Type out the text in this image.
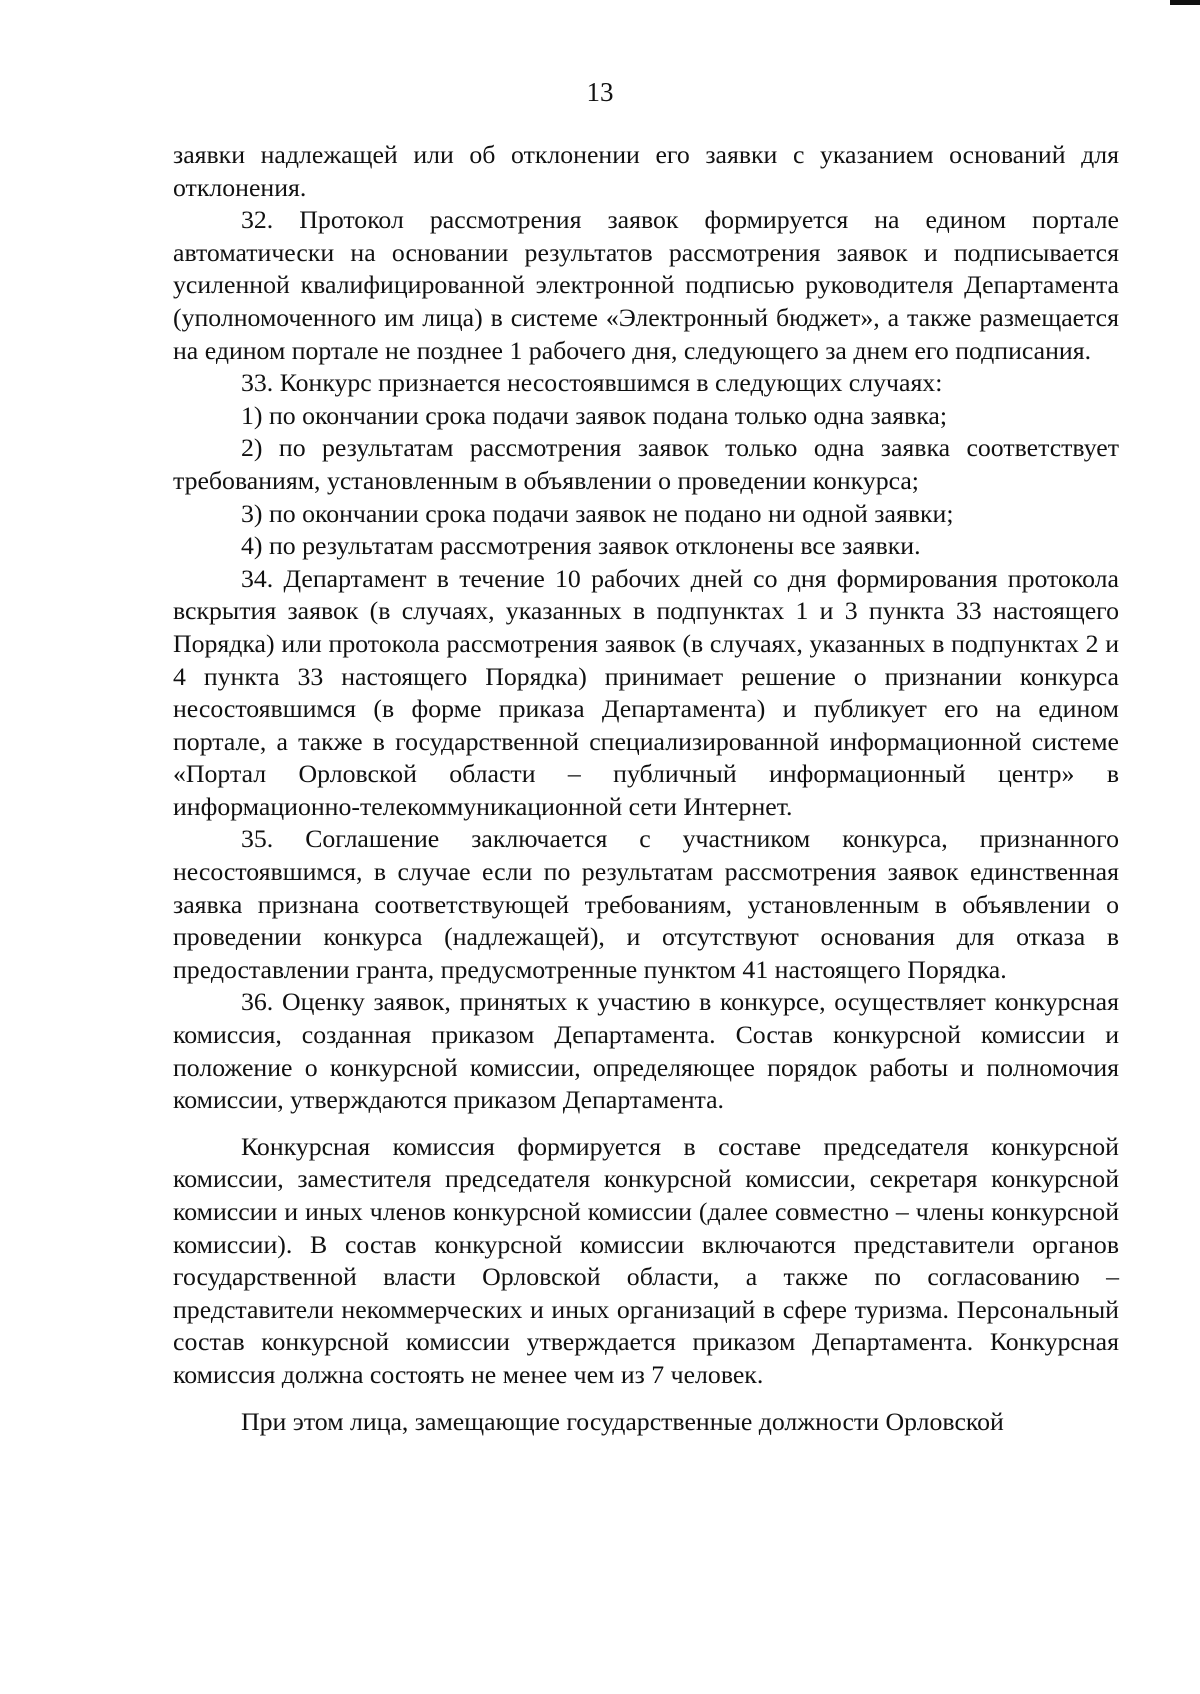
13

заявки надлежащей или об отклонении его заявки с указанием оснований для отклонения.

32. Протокол рассмотрения заявок формируется на едином портале автоматически на основании результатов рассмотрения заявок и подписывается усиленной квалифицированной электронной подписью руководителя Департамента (уполномоченного им лица) в системе «Электронный бюджет», а также размещается на едином портале не позднее 1 рабочего дня, следующего за днем его подписания.

33. Конкурс признается несостоявшимся в следующих случаях:

1) по окончании срока подачи заявок подана только одна заявка;

2) по результатам рассмотрения заявок только одна заявка соответствует требованиям, установленным в объявлении о проведении конкурса;

3) по окончании срока подачи заявок не подано ни одной заявки;

4) по результатам рассмотрения заявок отклонены все заявки.

34. Департамент в течение 10 рабочих дней со дня формирования протокола вскрытия заявок (в случаях, указанных в подпунктах 1 и 3 пункта 33 настоящего Порядка) или протокола рассмотрения заявок (в случаях, указанных в подпунктах 2 и 4 пункта 33 настоящего Порядка) принимает решение о признании конкурса несостоявшимся (в форме приказа Департамента) и публикует его на едином портале, а также в государственной специализированной информационной системе «Портал Орловской области – публичный информационный центр» в информационно-телекоммуникационной сети Интернет.

35. Соглашение заключается с участником конкурса, признанного несостоявшимся, в случае если по результатам рассмотрения заявок единственная заявка признана соответствующей требованиям, установленным в объявлении о проведении конкурса (надлежащей), и отсутствуют основания для отказа в предоставлении гранта, предусмотренные пунктом 41 настоящего Порядка.

36. Оценку заявок, принятых к участию в конкурсе, осуществляет конкурсная комиссия, созданная приказом Департамента. Состав конкурсной комиссии и положение о конкурсной комиссии, определяющее порядок работы и полномочия комиссии, утверждаются приказом Департамента.

Конкурсная комиссия формируется в составе председателя конкурсной комиссии, заместителя председателя конкурсной комиссии, секретаря конкурсной комиссии и иных членов конкурсной комиссии (далее совместно – члены конкурсной комиссии). В состав конкурсной комиссии включаются представители органов государственной власти Орловской области, а также по согласованию – представители некоммерческих и иных организаций в сфере туризма. Персональный состав конкурсной комиссии утверждается приказом Департамента. Конкурсная комиссия должна состоять не менее чем из 7 человек.

При этом лица, замещающие государственные должности Орловской
